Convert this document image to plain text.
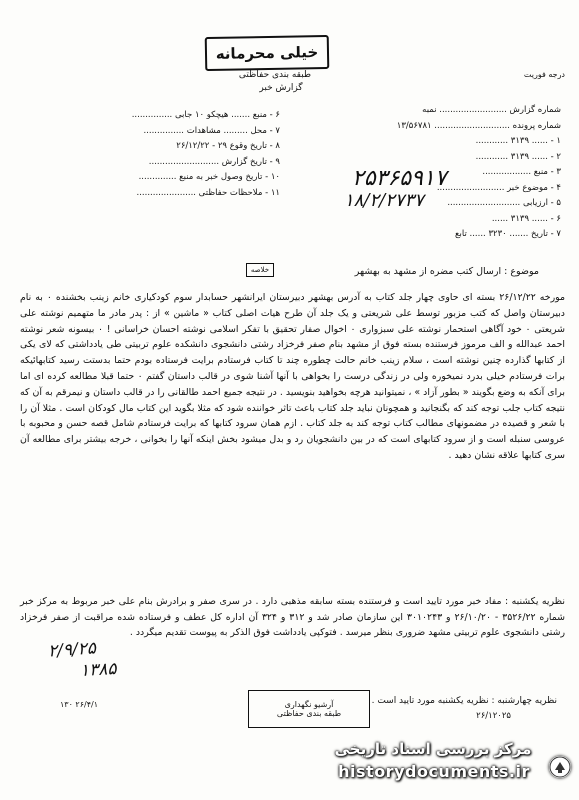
خیلی محرمانه
طبقه بندی حفاظتی
گزارش خبر
درجه فوریت
شماره گزارش ......................... نمبه
شماره پرونده ............................ ۱۳/۵۶۷۸۱
۱ - ...... ۳۱۳۹ ............
۲ - ...... ۳۱۳۹ ............
۳ - منبع ..................
۴ - موضوع خبر .........................
۵ - ارزیابی ...........................
۶ - ...... ۳۱۳۹ ......
۷ - تاریخ ....... ۳۲۳۰ ...... تابع
۶ - منبع ....... هیچکو ۱۰ جابی ...............
۷ - محل ......... مشاهدات ...............
۸ - تاریخ وقوع ۲۹ - ۲۶/۱۲/۲۲
۹ - تاریخ گزارش ..........................
۱۰ - تاریخ وصول خبر به منبع ..............
۱۱ - ملاحظات حفاظتی ......................
۲۵۳۶۵۹۱۷
۱۸/۲/۲۷۳۷
موضوع : ارسال کتب مضره از مشهد به بهشهر
خلاصه

مورخه ۲۶/۱۲/۲۲ بسته ای حاوی چهار جلد کتاب به آدرس بهشهر دبیرستان ایرانشهر حسابدار سوم کودکیاری خانم زینب بخشنده ۰ به نام دبیرستان واصل که کتب مزبور توسط علی شریعتی و یک جلد آن طرح هیات اصلی کتاب « ماشین » از : پدر مادر ما متهمیم نوشته علی شریعتی ۰ خود آگاهی استحمار نوشته علی سبزواری ۰ اخوال صفار تحقیق با تفکر اسلامی نوشته احسان خراسانی ! ۰ بیسونه شعر نوشته احمد عبدالله و الف مرموز فرستنده بسته فوق از مشهد بنام صفر فرخزاد رشتی دانشجوی دانشکده علوم تربیتی طی یادداشتی که لای یکی از کتابها گذارده چنین نوشته است ، سلام زینب خانم حالت چطوره چند تا کتاب فرستادم برایت فرستاده بودم حتما بدستت رسید کتابهائیکه برات فرستادم خیلی بدرد نمیخوره ولی در زندگی درست را بخواهی با آنها آشنا شوی در قالب داستان گفتم ۰ حتما قبلا مطالعه کرده ای اما برای آنکه به وضع بگویند « بطور آزاد » ، نمیتوانید هرچه بخواهید بنویسید . در نتیجه جمیع احمد طالقانی را در قالب داستان و نیمرقم به آن که نتیجه کتاب جلب توجه کند که بگنجانید و همچونان نباید جلد کتاب باعث تاثر خواننده شود که مثلا بگوید این کتاب مال کودکان است . مثلا آن را با شعر و قصیده در مضمونهای مطالب کتاب توجه کند به جلد کتاب . ازم همان سرود کتابها که برایت فرستادم شامل قصه حسن و محبوبه با عروسی سنبله است و از سرود کتابهای است که در بین دانشجویان رد و بدل میشود بخش اینکه آنها را بخوانی ، خرجه بیشتر برای مطالعه آن سری کتابها علاقه نشان دهید .

نظریه یکشنبه : مفاد خبر مورد تایید است و فرستنده بسته سابقه مذهبی دارد . در سری صفر و برادرش بنام علی خبر مربوط به مرکز خبر شماره ۳۵۲۶/۲۲ - ۲۶/۱۰/۲۰ و ۳۰۱۰۲۴۳ این سازمان صادر شد و ۳۱۲ و ۳۲۴ آن اداره کل عطف و فرستاده شده مراقبت از صفر فرخزاد رشتی دانشجوی علوم تربیتی مشهد ضروری بنظر میرسد . فتوکپی یادداشت فوق الذکر به پیوست تقدیم میگردد .

نظریه چهارشنبه : نظریه یکشنبه مورد تایید است .
۲۶/۱۲۰۲۵
آرشیو نگهداری
طبقه بندی حفاظتی
۲/۹/۲۵
۱۳۸۵
۱۳۰ ۲۶/۴/۱
مرکز بررسی اسناد تاریخی
historydocuments.ir
